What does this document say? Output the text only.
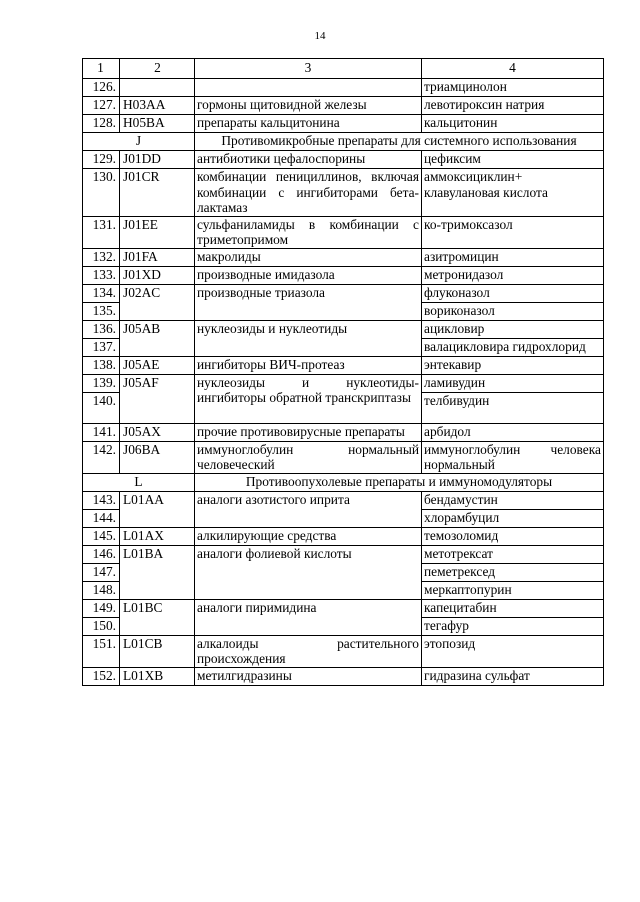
14
1	2	3	4
126.			триамцинолон
127.	H03AA	гормоны щитовидной железы	левотироксин натрия
128.	H05BA	препараты кальцитонина	кальцитонин
J		Противомикробные препараты для системного использования	
129.	J01DD	антибиотики цефалоспорины	цефиксим
130.	J01CR	комбинации пенициллинов, включая комбинации с ингибиторами бета-лактамаз	аммоксициклин+ клавулановая кислота
131.	J01EE	сульфаниламиды в комбинации с триметопримом	ко-тримоксазол
132.	J01FA	макролиды	азитромицин
133.	J01XD	производные имидазола	метронидазол
134.	J02AC	производные триазола	флуконазол
135.			вориконазол
136.	J05AB	нуклеозиды и нуклеотиды	ацикловир
137.			валацикловира гидрохлорид
138.	J05AE	ингибиторы ВИЧ-протеаз	энтекавир
139.	J05AF	нуклеозиды и нуклеотиды- ингибиторы обратной транскриптазы	ламивудин
140.			телбивудин
141.	J05AX	прочие противовирусные препараты	арбидол
142.	J06BA	иммуноглобулин нормальный человеческий	иммуноглобулин человека нормальный
L		Противоопухолевые препараты и иммуномодуляторы	
143.	L01AA	аналоги азотистого иприта	бендамустин
144.			хлорамбуцил
145.	L01AX	алкилирующие средства	темозоломид
146.	L01BA	аналоги фолиевой кислоты	метотрексат
147.			пеметрексед
148.			меркаптопурин
149.	L01BC	аналоги пиримидина	капецитабин
150.			тегафур
151.	L01CB	алкалоиды растительного происхождения	этопозид
152.	L01XB	метилгидразины	гидразина сульфат
